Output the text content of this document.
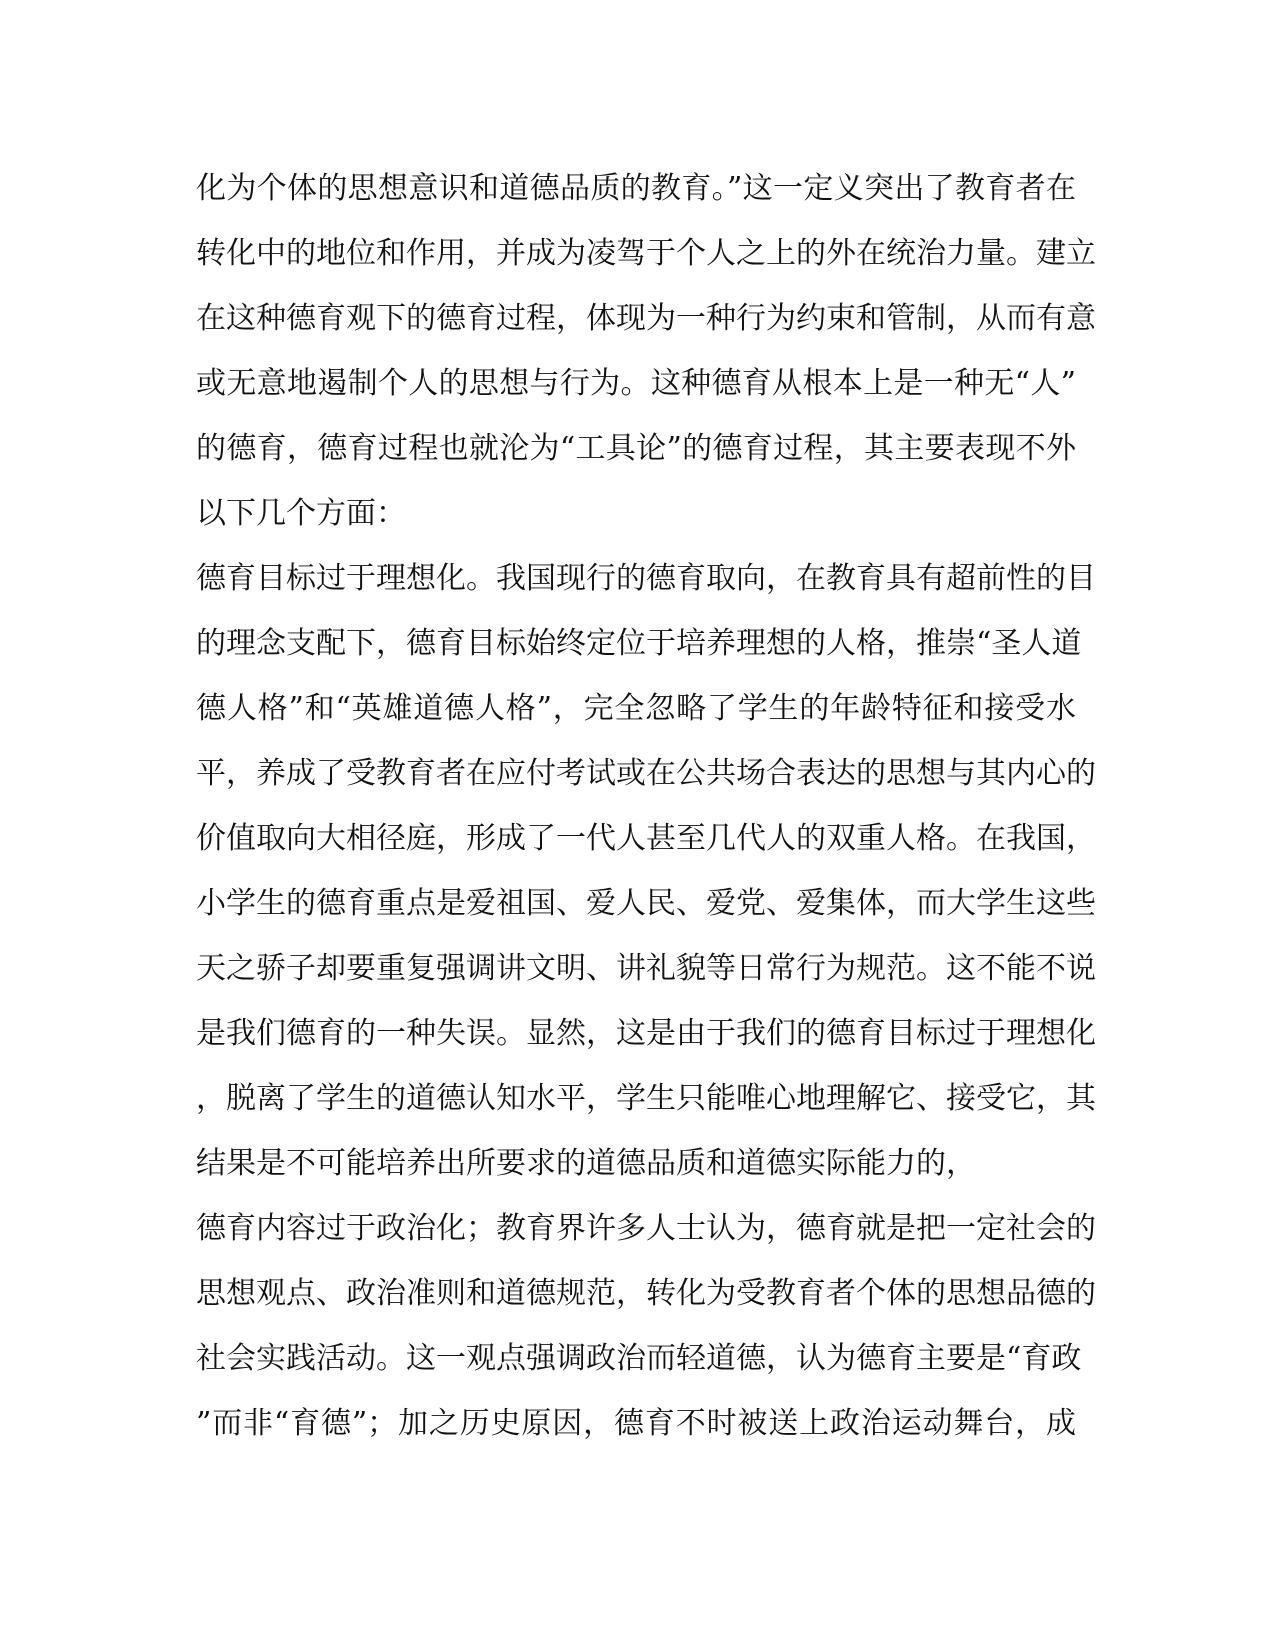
化为个体的思想意识和道德品质的教育。”这一定义突出了教育者在
转化中的地位和作用，并成为凌驾于个人之上的外在统治力量。建立
在这种德育观下的德育过程，体现为一种行为约束和管制，从而有意
或无意地遏制个人的思想与行为。这种德育从根本上是一种无“人”
的德育，德育过程也就沦为“工具论”的德育过程，其主要表现不外
以下几个方面：
德育目标过于理想化。我国现行的德育取向，在教育具有超前性的目
的理念支配下，德育目标始终定位于培养理想的人格，推崇“圣人道
德人格”和“英雄道德人格”，完全忽略了学生的年龄特征和接受水
平，养成了受教育者在应付考试或在公共场合表达的思想与其内心的
价值取向大相径庭，形成了一代人甚至几代人的双重人格。在我国，
小学生的德育重点是爱祖国、爱人民、爱党、爱集体，而大学生这些
天之骄子却要重复强调讲文明、讲礼貌等日常行为规范。这不能不说
是我们德育的一种失误。显然，这是由于我们的德育目标过于理想化
，脱离了学生的道德认知水平，学生只能唯心地理解它、接受它，其
结果是不可能培养出所要求的道德品质和道德实际能力的，
德育内容过于政治化；教育界许多人士认为，德育就是把一定社会的
思想观点、政治准则和道德规范，转化为受教育者个体的思想品德的
社会实践活动。这一观点强调政治而轻道德，认为德育主要是“育政
”而非“育德”；加之历史原因，德育不时被送上政治运动舞台，成
